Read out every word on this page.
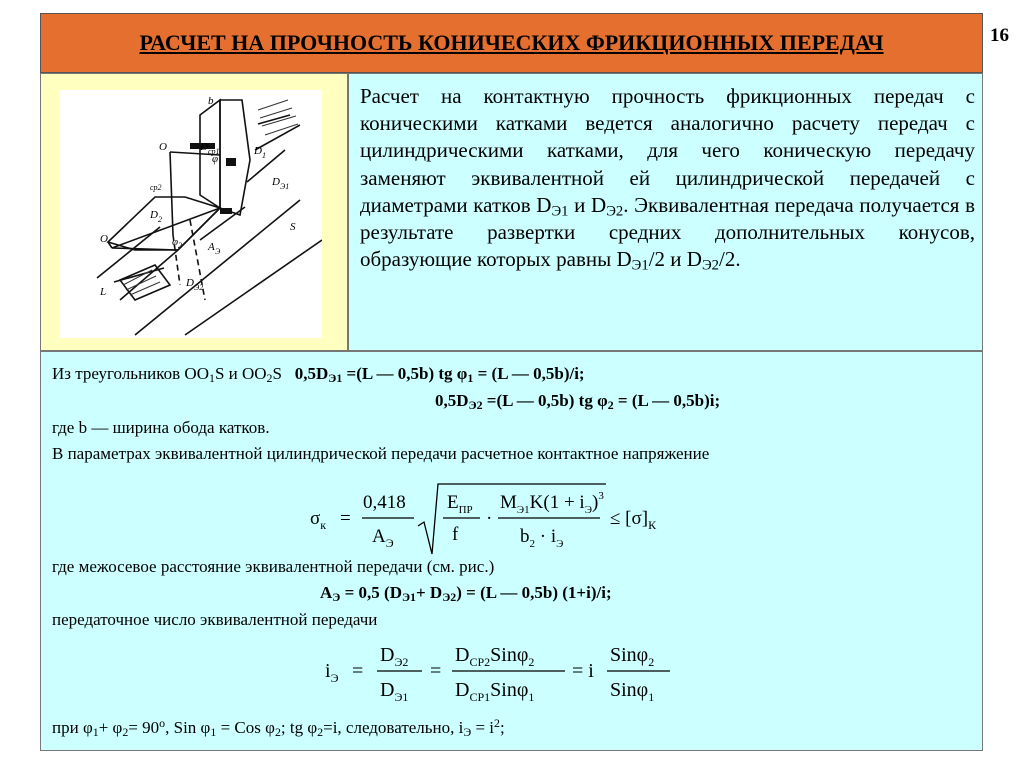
16
РАСЧЕТ НА ПРОЧНОСТЬ КОНИЧЕСКИХ ФРИКЦИОННЫХ ПЕРЕДАЧ
b
D ср1
O
φ
O
ср2
D 2
D 1
D Э1
φ 2 A Э
Э2
D
L
S

Расчет на контактную прочность фрикционных передач с коническими катками ведется аналогично расчету передач с цилиндрическими катками, для чего коническую передачу заменяют эквивалентной ей цилиндрической передачей с диаметрами катков $D_{Э1}$ и $D_{Э2}$. Эквивалентная передача получается в результате развертки средних дополнительных конусов, образующие которых равны $D_{Э1}/2$ и $D_{Э2}/2$.

Из треугольников $OO_1S$ и $OO_2S$ $0,5D_{Э1} =(L$ — 0,5b) tg $\varphi_1 = (L$ — 0,5b)/i;

$0,5D_{Э2} =(L$ — 0,5b) tg $\varphi_2 = (L$ — 0,5b)i;

где b — ширина обода катков.

В параметрах эквивалентной цилиндрической передачи расчетное контактное напряжение

$\sigma_к$ =
0,418
$A_Э$
$E_{ПР}$
f
·
$M_{Э1}K(1 + i_Э)^3$
$b_2 \cdot i_Э$
≤ $[\sigma]_К$

где межосевое расстояние эквивалентной передачи (см. рис.)

$A_Э = 0,5$ $(D_{Э1}+ D_{Э2}) = (L$ — 0,5b) (1+i)/i;

передаточное число эквивалентной передачи

$i_Э$ =
$D_{Э2}$
$D_{Э1}$
=
$D_{СР2}Sin\varphi_2$
$D_{СР1}Sin\varphi_1$
= i
Sinφ$_2$
Sinφ$_1$

при $\varphi_1+ \varphi_2= 90^o$, Sin $\varphi_1$ = Cos $\varphi_2$; tg $\varphi_2=i$, следовательно, $i_Э = i^2$;
